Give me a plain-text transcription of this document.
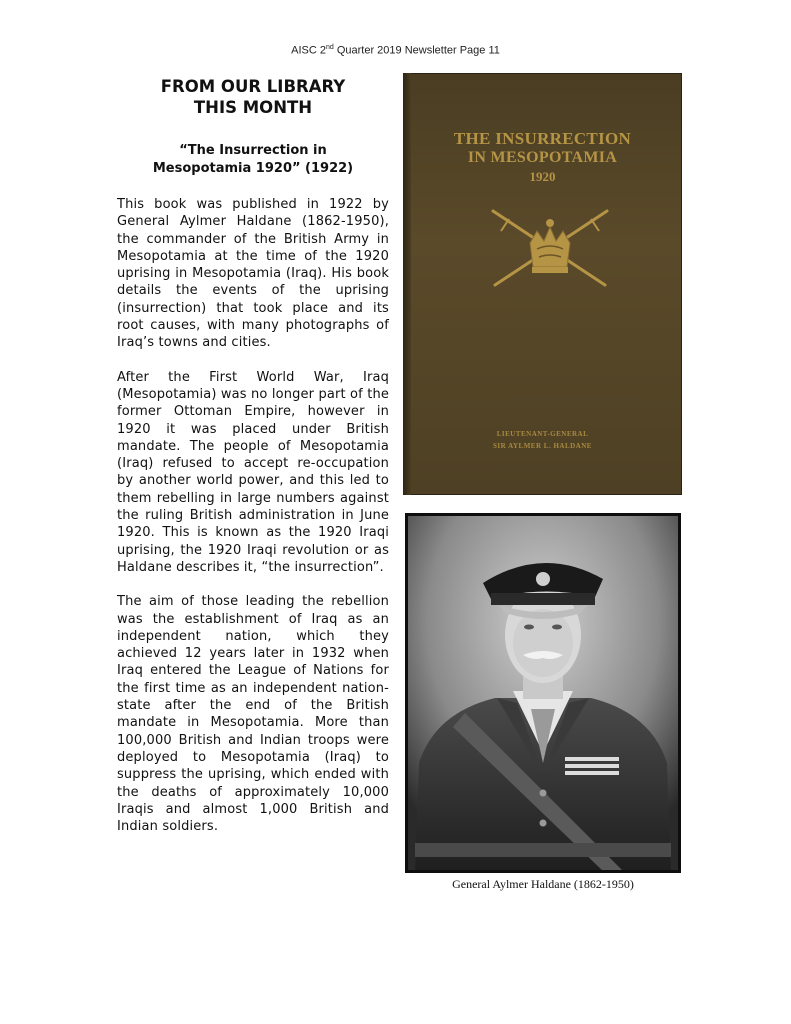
AISC 2nd Quarter 2019 Newsletter Page 11
FROM OUR LIBRARY
THIS MONTH
“The Insurrection in
Mesopotamia 1920” (1922)

This book was published in 1922 by General Aylmer Haldane (1862-1950), the commander of the British Army in Mesopotamia at the time of the 1920 uprising in Mesopotamia (Iraq). His book details the events of the uprising (insurrection) that took place and its root causes, with many photographs of Iraq’s towns and cities.

After the First World War, Iraq (Mesopotamia) was no longer part of the former Ottoman Empire, however in 1920 it was placed under British mandate. The people of Mesopotamia (Iraq) refused to accept re-occupation by another world power, and this led to them rebelling in large numbers against the ruling British administration in June 1920. This is known as the 1920 Iraqi uprising, the 1920 Iraqi revolution or as Haldane describes it, “the insurrection”.

The aim of those leading the rebellion was the establishment of Iraq as an independent nation, which they achieved 12 years later in 1932 when Iraq entered the League of Nations for the first time as an independent nation-state after the end of the British mandate in Mesopotamia. More than 100,000 British and Indian troops were deployed to Mesopotamia (Iraq) to suppress the uprising, which ended with the deaths of approximately 10,000 Iraqis and almost 1,000 British and Indian soldiers.

THE INSURRECTION
IN MESOPOTAMIA
1920
LIEUTENANT-GENERAL
SIR AYLMER L. HALDANE
General Aylmer Haldane (1862-1950)
